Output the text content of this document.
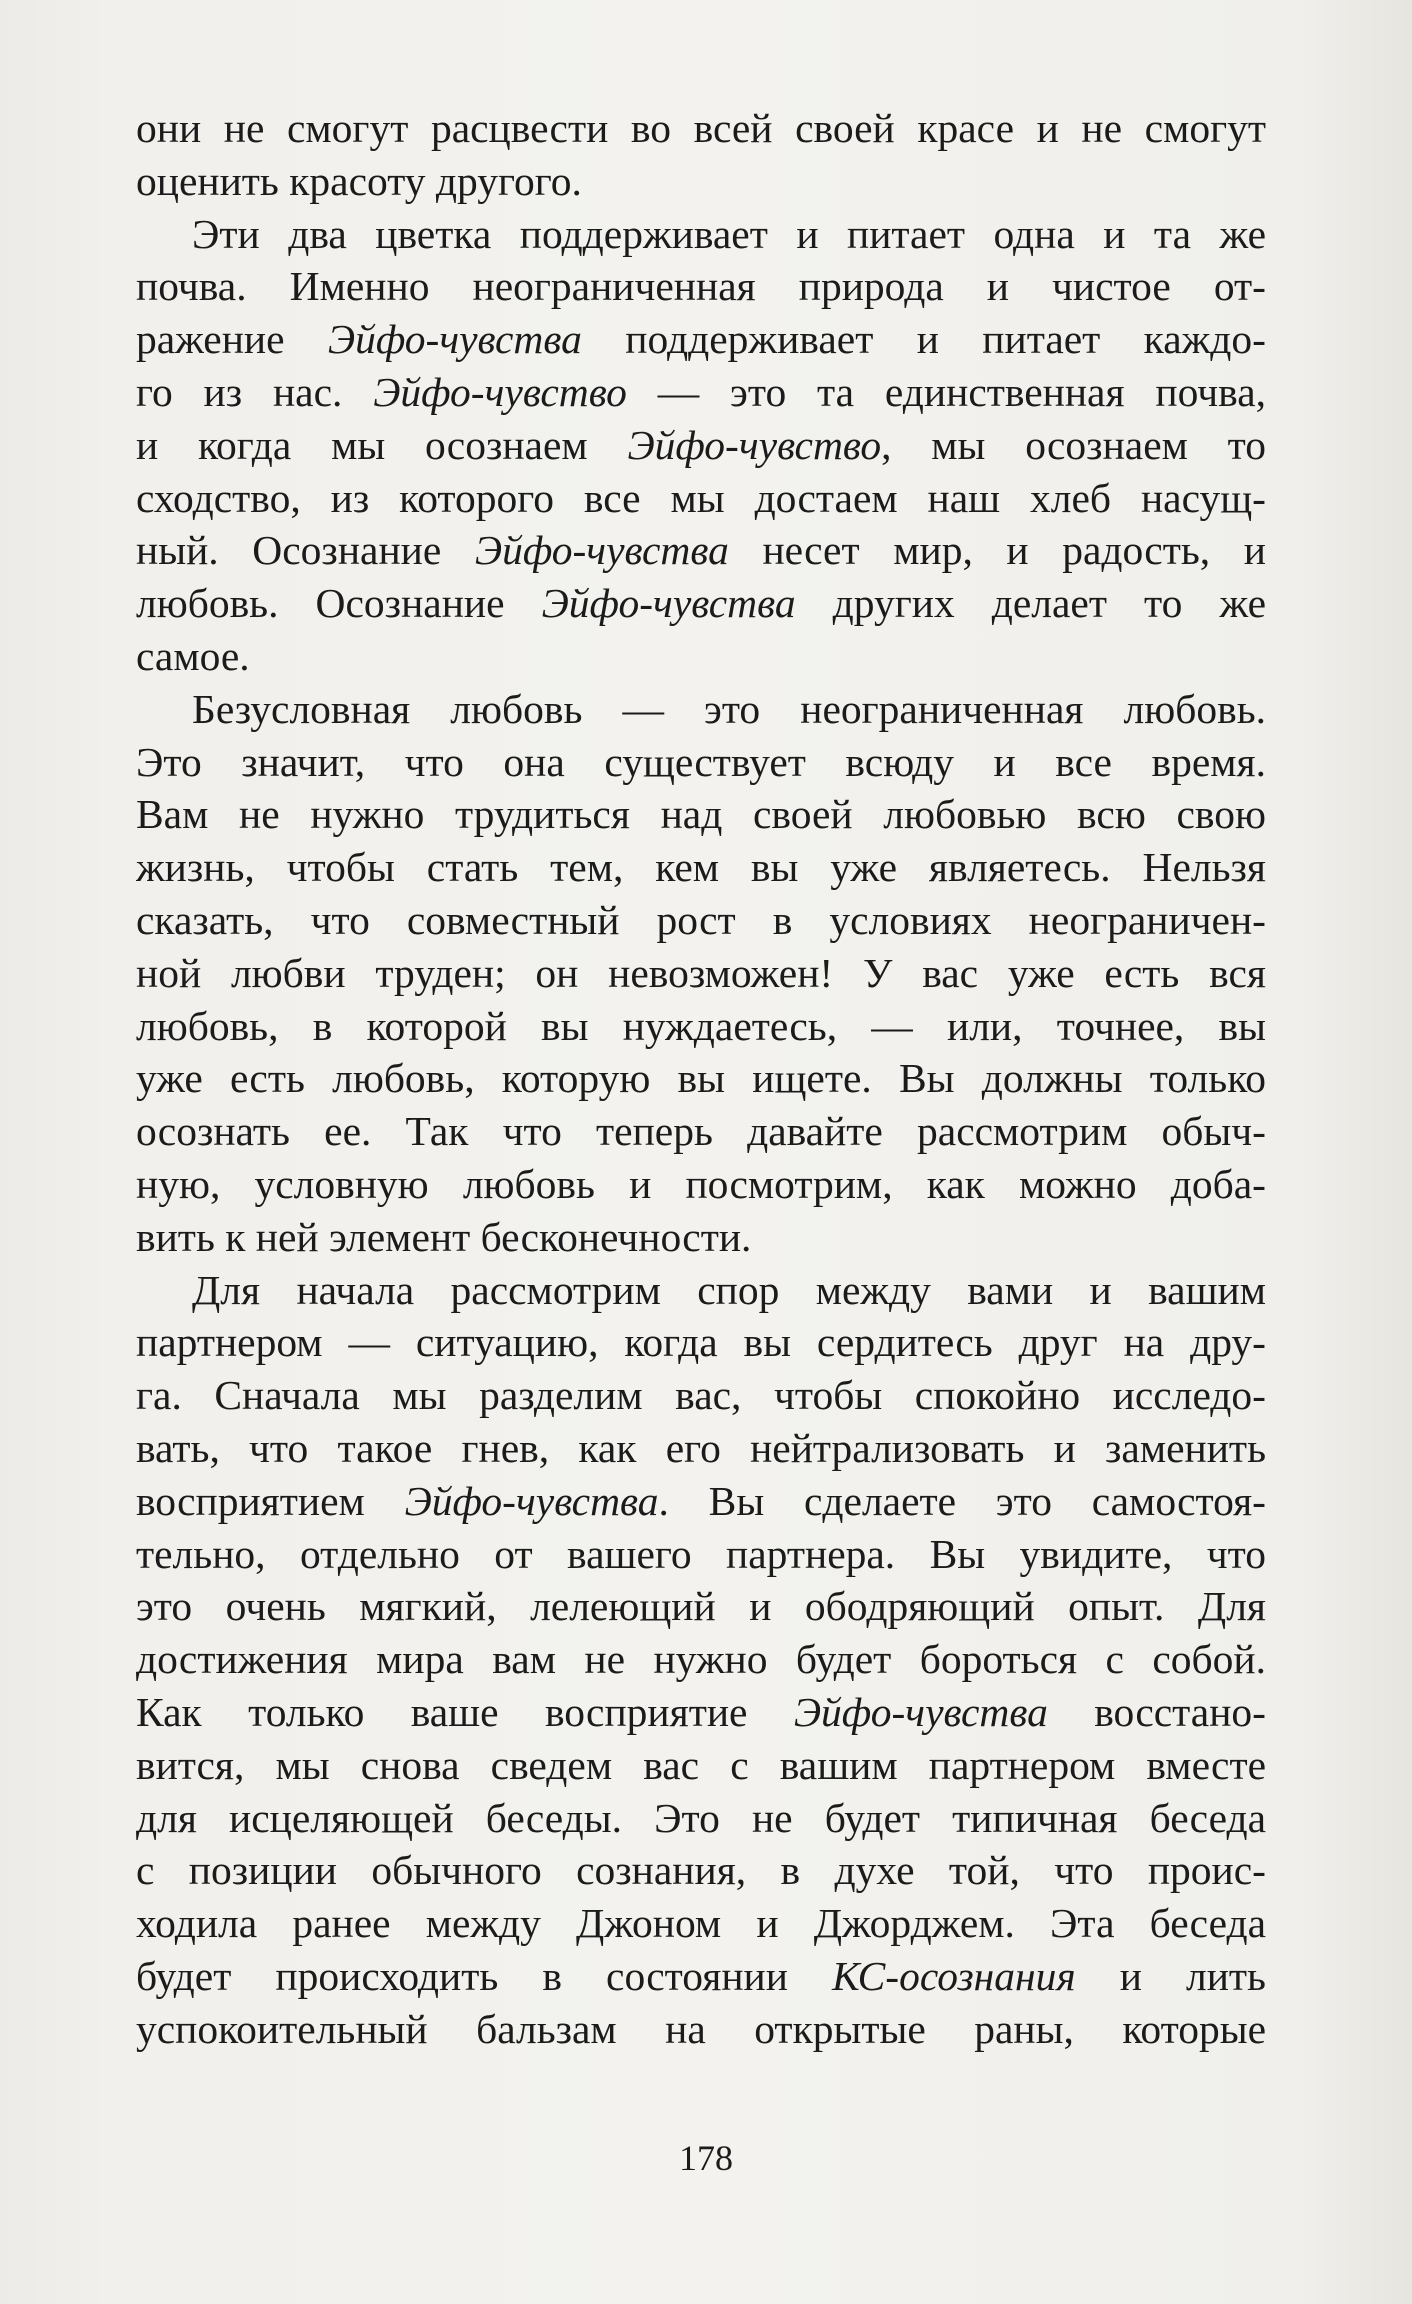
они не смогут расцвести во всей своей красе и не смогут
оценить красоту другого.
Эти два цветка поддерживает и питает одна и та же
почва. Именно неограниченная природа и чистое от-
ражение Эйфо-чувства поддерживает и питает каждо-
го из нас. Эйфо-чувство — это та единственная почва,
и когда мы осознаем Эйфо-чувство, мы осознаем то
сходство, из которого все мы достаем наш хлеб насущ-
ный. Осознание Эйфо-чувства несет мир, и радость, и
любовь. Осознание Эйфо-чувства других делает то же
самое.
Безусловная любовь — это неограниченная любовь.
Это значит, что она существует всюду и все время.
Вам не нужно трудиться над своей любовью всю свою
жизнь, чтобы стать тем, кем вы уже являетесь. Нельзя
сказать, что совместный рост в условиях неограничен-
ной любви труден; он невозможен! У вас уже есть вся
любовь, в которой вы нуждаетесь, — или, точнее, вы
уже есть любовь, которую вы ищете. Вы должны только
осознать ее. Так что теперь давайте рассмотрим обыч-
ную, условную любовь и посмотрим, как можно доба-
вить к ней элемент бесконечности.
Для начала рассмотрим спор между вами и вашим
партнером — ситуацию, когда вы сердитесь друг на дру-
га. Сначала мы разделим вас, чтобы спокойно исследо-
вать, что такое гнев, как его нейтрализовать и заменить
восприятием Эйфо-чувства. Вы сделаете это самостоя-
тельно, отдельно от вашего партнера. Вы увидите, что
это очень мягкий, лелеющий и ободряющий опыт. Для
достижения мира вам не нужно будет бороться с собой.
Как только ваше восприятие Эйфо-чувства восстано-
вится, мы снова сведем вас с вашим партнером вместе
для исцеляющей беседы. Это не будет типичная беседа
с позиции обычного сознания, в духе той, что проис-
ходила ранее между Джоном и Джорджем. Эта беседа
будет происходить в состоянии КС-осознания и лить
успокоительный бальзам на открытые раны, которые
178
